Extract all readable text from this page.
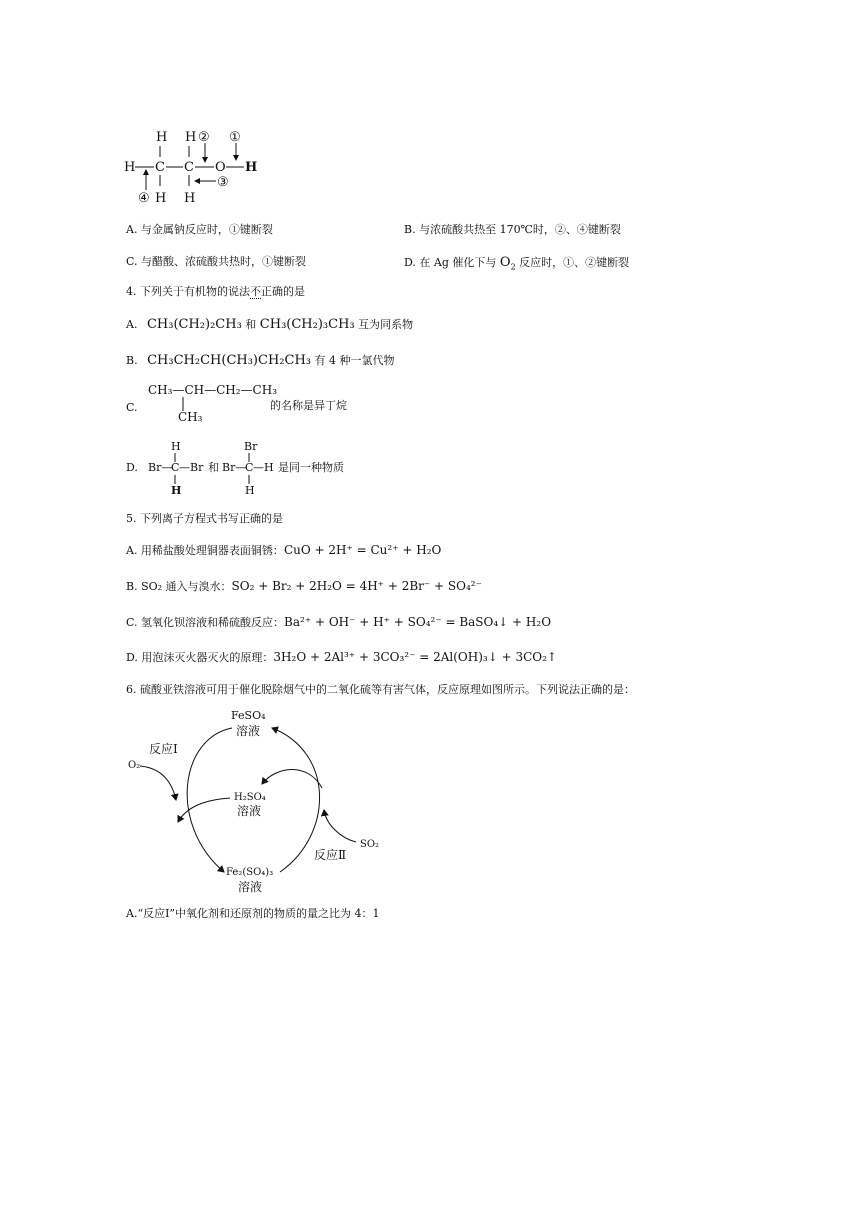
H H ② ①
H C C O H
③
④ H H
A. 与金属钠反应时，①键断裂	B. 与浓硫酸共热至 170℃时，②、④键断裂
C. 与醋酸、浓硫酸共热时，①键断裂	D. 在 Ag 催化下与 $O_2$ 反应时，①、②键断裂
4. 下列关于有机物的说法不正确的是
A. CH₃(CH₂)₂CH₃ 和 CH₃(CH₂)₃CH₃ 互为同系物
B. CH₃CH₂CH(CH₃)CH₂CH₃ 有 4 种一氯代物
C.
CH₃—CH—CH₂—CH₃
CH₃
的名称是异丁烷
D.
H
Br—
C —Br
H
和
Br
Br—
C —H
H
是同一种物质
5. 下列离子方程式书写正确的是
A. 用稀盐酸处理铜器表面铜锈：CuO + 2H⁺ = Cu²⁺ + H₂O
B. SO₂ 通入与溴水：SO₂ + Br₂ + 2H₂O = 4H⁺ + 2Br⁻ + SO₄²⁻
C. 氢氧化钡溶液和稀硫酸反应：Ba²⁺ + OH⁻ + H⁺ + SO₄²⁻ = BaSO₄↓ + H₂O
D. 用泡沫灭火器灭火的原理：3H₂O + 2Al³⁺ + 3CO₃²⁻ = 2Al(OH)₃↓ + 3CO₂↑
6. 硫酸亚铁溶液可用于催化脱除烟气中的二氧化硫等有害气体，反应原理如图所示。下列说法正确的是：
FeSO₄
溶液
H₂SO₄
溶液
Fe₂(SO₄)₃
溶液
O₂
SO₂
反应Ⅰ
反应Ⅱ
A.“反应Ⅰ”中氧化剂和还原剂的物质的量之比为 4：1
